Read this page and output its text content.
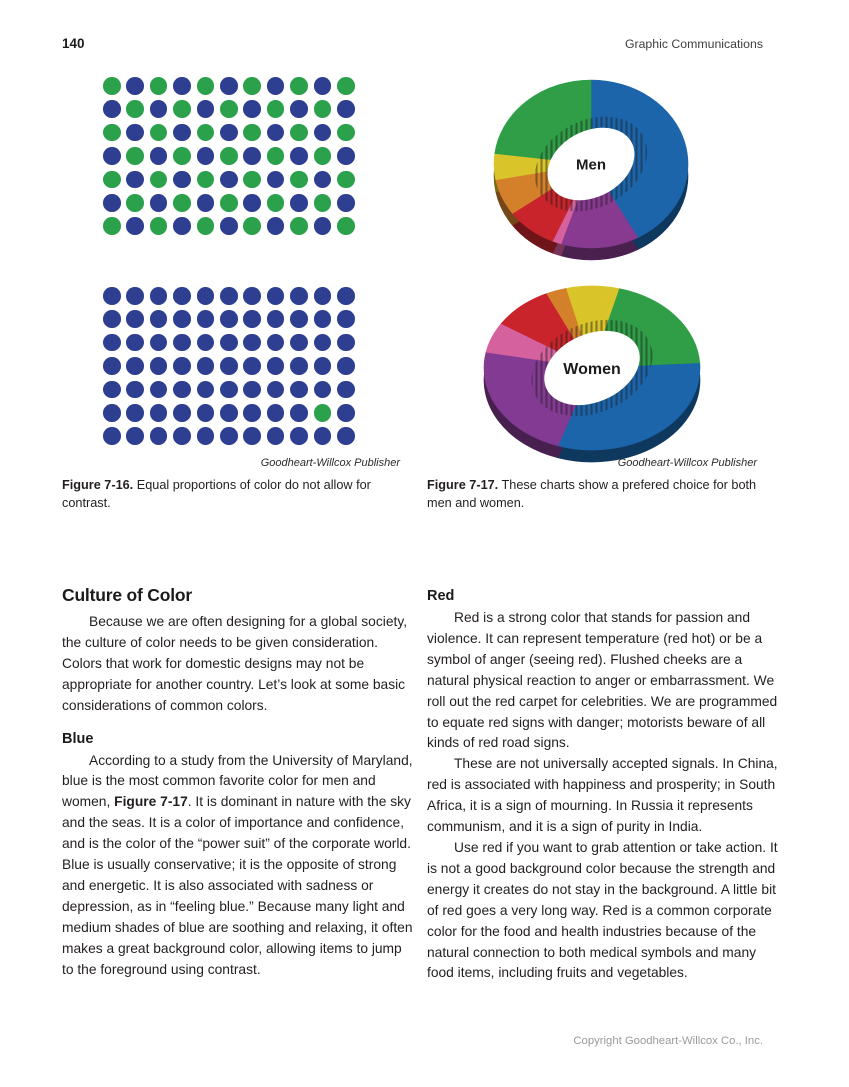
140	Graphic Communications
Goodheart-Willcox Publisher

Figure 7-16. Equal proportions of color do not allow for contrast.

Men
Women
Goodheart-Willcox Publisher

Figure 7-17. These charts show a prefered choice for both men and women.

Culture of Color

Because we are often designing for a global society, the culture of color needs to be given consideration. Colors that work for domestic designs may not be appropriate for another country. Let’s look at some basic considerations of common colors.

Blue

According to a study from the University of Maryland, blue is the most common favorite color for men and women, Figure 7-17. It is dominant in nature with the sky and the seas. It is a color of importance and confidence, and is the color of the “power suit” of the corporate world. Blue is usually conservative; it is the opposite of strong and energetic. It is also associated with sadness or depression, as in “feeling blue.” Because many light and medium shades of blue are soothing and relaxing, it often makes a great background color, allowing items to jump to the foreground using contrast.

Red

Red is a strong color that stands for passion and violence. It can represent temperature (red hot) or be a symbol of anger (seeing red). Flushed cheeks are a natural physical reaction to anger or embarrassment. We roll out the red carpet for celebrities. We are programmed to equate red signs with danger; motorists beware of all kinds of red road signs.

These are not universally accepted signals. In China, red is associated with happiness and prosperity; in South Africa, it is a sign of mourning. In Russia it represents communism, and it is a sign of purity in India.

Use red if you want to grab attention or take action. It is not a good background color because the strength and energy it creates do not stay in the background. A little bit of red goes a very long way. Red is a common corporate color for the food and health industries because of the natural connection to both medical symbols and many food items, including fruits and vegetables.

Copyright Goodheart-Willcox Co., Inc.
